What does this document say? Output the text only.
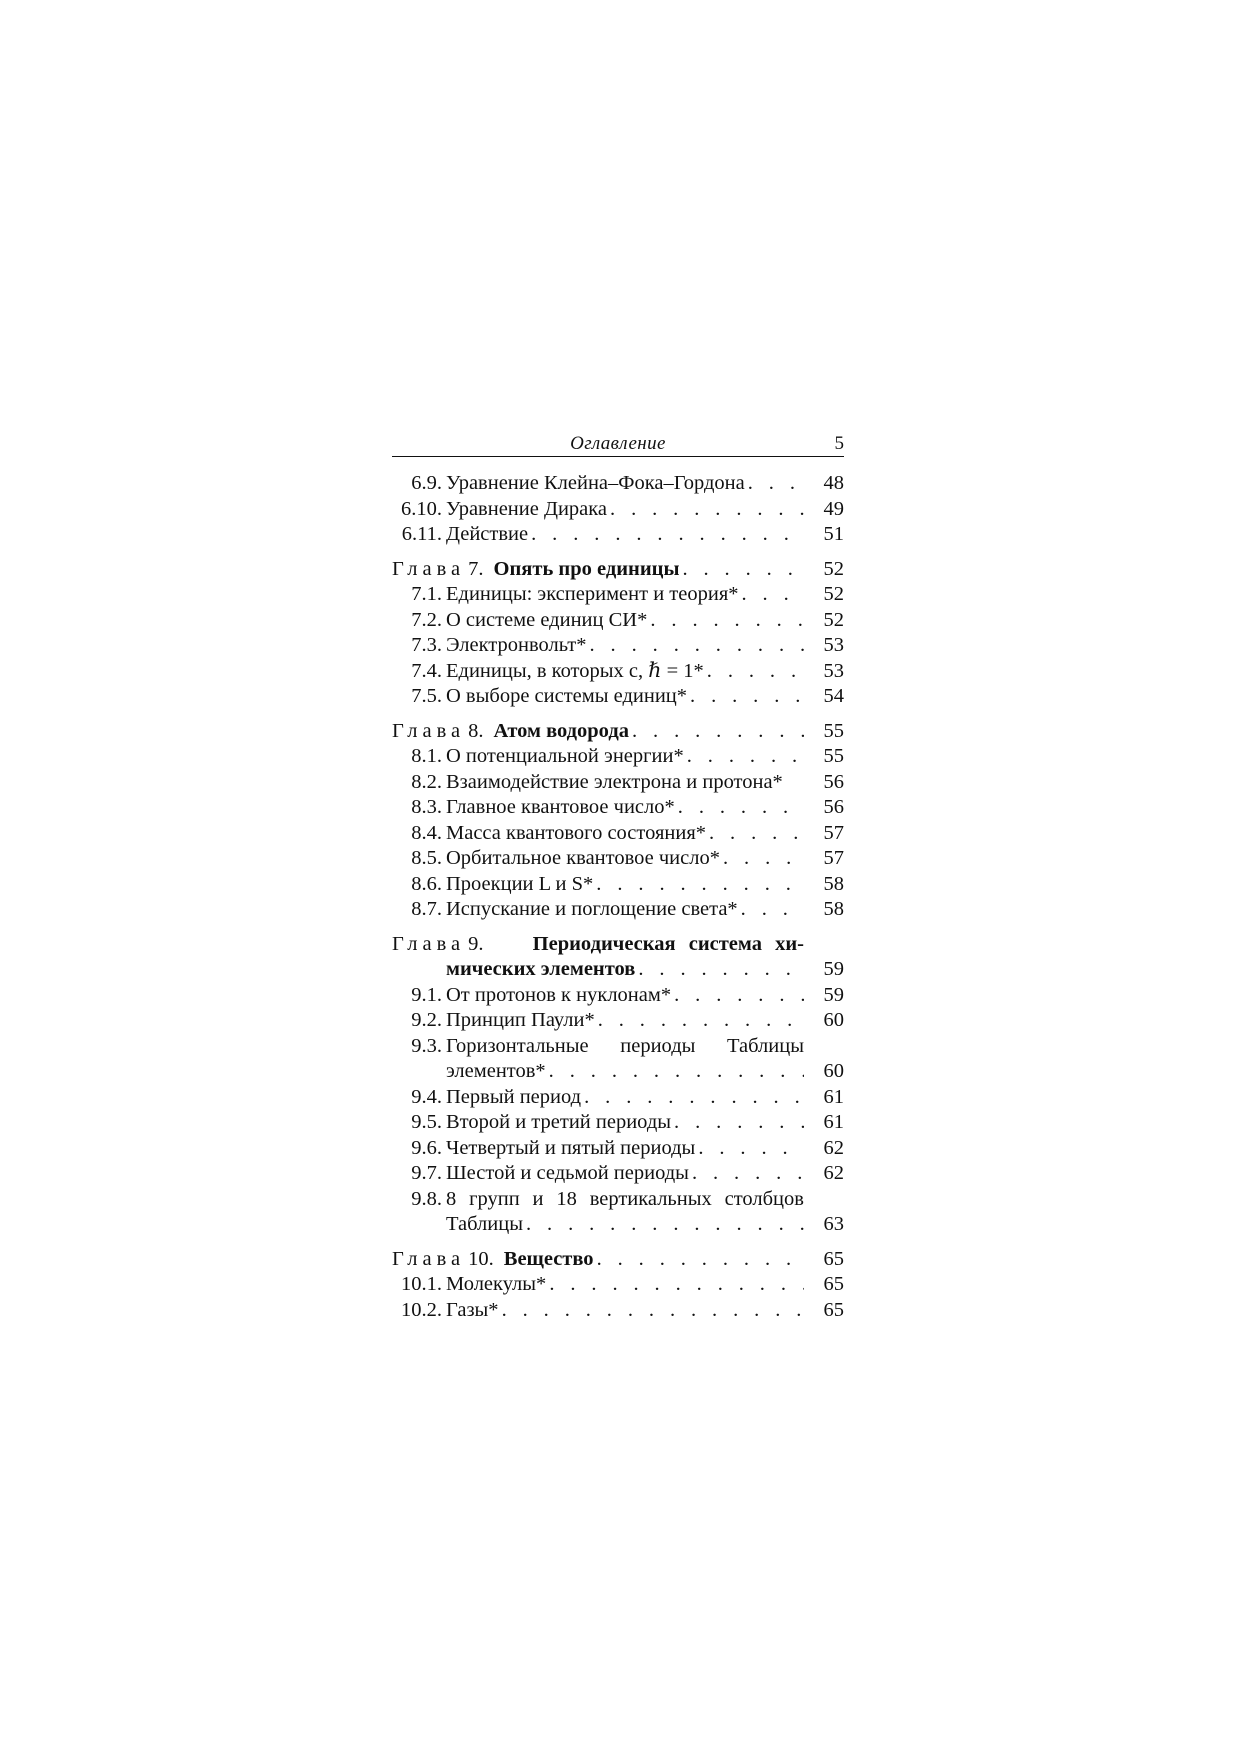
Оглавление	5
6.9. Уравнение Клейна–Фока–Гордона . . .	48
6.10. Уравнение Дирака . . .	49
6.11. Действие . . .	51
Глава 7. Опять про единицы . . .	52
7.1. Единицы: эксперимент и теория* . . .	52
7.2. О системе единиц СИ* . . .	52
7.3. Электронвольт* . . .	53
7.4. Единицы, в которых c, ℏ = 1* . . .	53
7.5. О выборе системы единиц* . . .	54
Глава 8. Атом водорода . . .	55
8.1. О потенциальной энергии* . . .	55
8.2. Взаимодействие электрона и протона*	56
8.3. Главное квантовое число* . . .	56
8.4. Масса квантового состояния* . . .	57
8.5. Орбитальное квантовое число* . . .	57
8.6. Проекции L и S* . . .	58
8.7. Испускание и поглощение света* . . .	58
Глава 9.	Периодическая система хи-
мических элементов . . .	59
9.1. От протонов к нуклонам* . . .	59
9.2. Принцип Паули* . . .	60
9.3. Горизонтальные периоды Таблицы
элементов* . . .	60
9.4. Первый период . . .	61
9.5. Второй и третий периоды . . .	61
9.6. Четвертый и пятый периоды . . .	62
9.7. Шестой и седьмой периоды . . .	62
9.8. 8 групп и 18 вертикальных столбцов
Таблицы . . .	63
Глава 10. Вещество . . .	65
10.1. Молекулы* . . .	65
10.2. Газы* . . .	65
